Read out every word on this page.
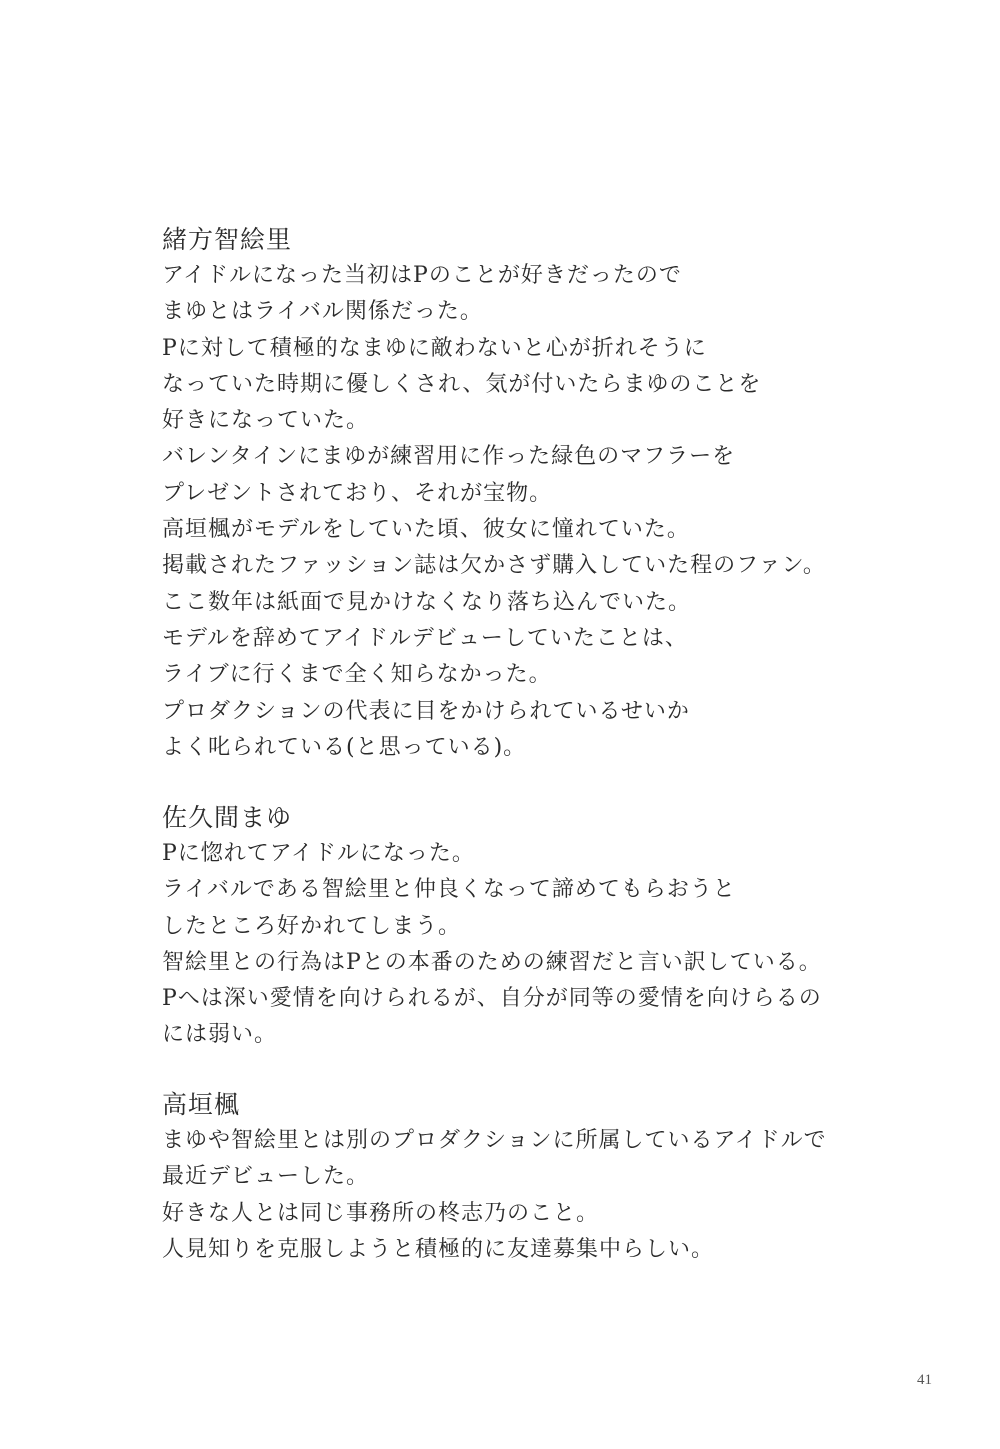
緒方智絵里
アイドルになった当初はPのことが好きだったので
まゆとはライバル関係だった。
Pに対して積極的なまゆに敵わないと心が折れそうに
なっていた時期に優しくされ、気が付いたらまゆのことを
好きになっていた。
バレンタインにまゆが練習用に作った緑色のマフラーを
プレゼントされており、それが宝物。
高垣楓がモデルをしていた頃、彼女に憧れていた。
掲載されたファッション誌は欠かさず購入していた程のファン。
ここ数年は紙面で見かけなくなり落ち込んでいた。
モデルを辞めてアイドルデビューしていたことは、
ライブに行くまで全く知らなかった。
プロダクションの代表に目をかけられているせいか
よく叱られている(と思っている)。
佐久間まゆ
Pに惚れてアイドルになった。
ライバルである智絵里と仲良くなって諦めてもらおうと
したところ好かれてしまう。
智絵里との行為はPとの本番のための練習だと言い訳している。
Pへは深い愛情を向けられるが、自分が同等の愛情を向けらるの
には弱い。
高垣楓
まゆや智絵里とは別のプロダクションに所属しているアイドルで
最近デビューした。
好きな人とは同じ事務所の柊志乃のこと。
人見知りを克服しようと積極的に友達募集中らしい。
41
